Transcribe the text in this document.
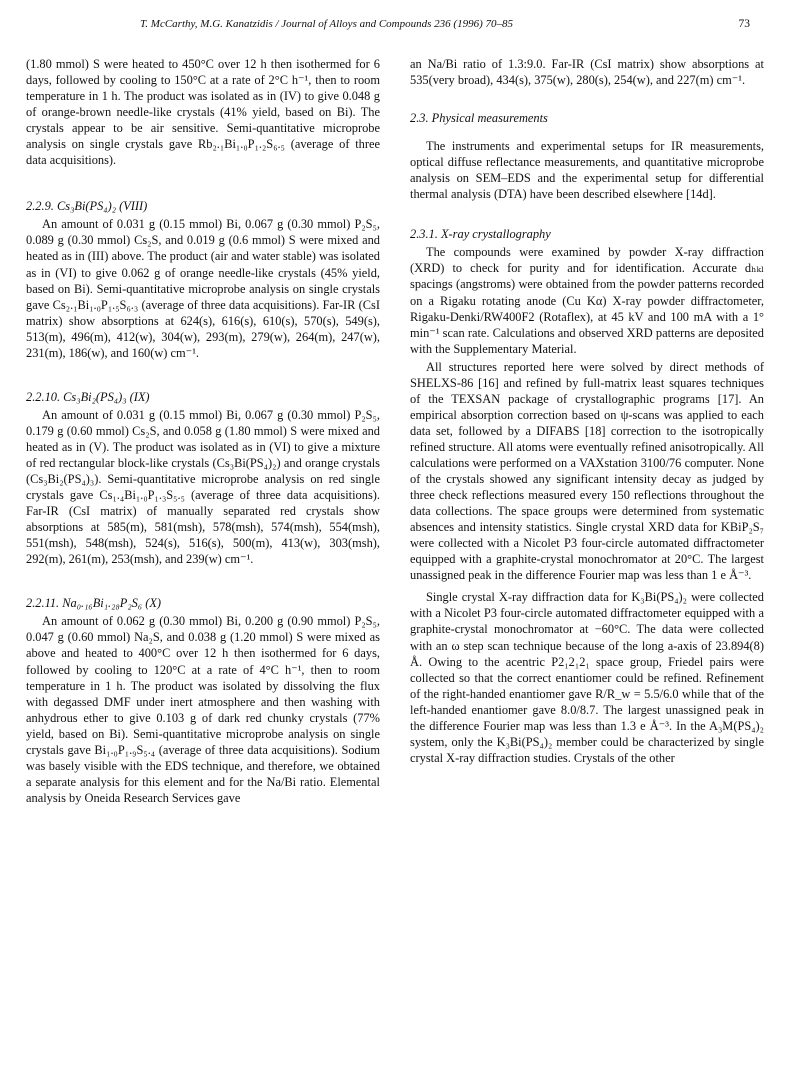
T. McCarthy, M.G. Kanatzidis / Journal of Alloys and Compounds 236 (1996) 70–85	73

(1.80 mmol) S were heated to 450°C over 12 h then isothermed for 6 days, followed by cooling to 150°C at a rate of 2°C h⁻¹, then to room temperature in 1 h. The product was isolated as in (IV) to give 0.048 g of orange-brown needle-like crystals (41% yield, based on Bi). The crystals appear to be air sensitive. Semi-quantitative microprobe analysis on single crystals gave Rb₂.₁Bi₁.₀P₁.₂S₆.₅ (average of three data acquisitions).

2.2.9. Cs₃Bi(PS₄)₂ (VIII)

An amount of 0.031 g (0.15 mmol) Bi, 0.067 g (0.30 mmol) P₂S₅, 0.089 g (0.30 mmol) Cs₂S, and 0.019 g (0.6 mmol) S were mixed and heated as in (III) above. The product (air and water stable) was isolated as in (VI) to give 0.062 g of orange needle-like crystals (45% yield, based on Bi). Semi-quantitative microprobe analysis on single crystals gave Cs₂.₁Bi₁.₀P₁.₅S₆.₃ (average of three data acquisitions). Far-IR (CsI matrix) show absorptions at 624(s), 616(s), 610(s), 570(s), 549(s), 513(m), 496(m), 412(w), 304(w), 293(m), 279(w), 264(m), 247(w), 231(m), 186(w), and 160(w) cm⁻¹.

2.2.10. Cs₃Bi₂(PS₄)₃ (IX)

An amount of 0.031 g (0.15 mmol) Bi, 0.067 g (0.30 mmol) P₂S₅, 0.179 g (0.60 mmol) Cs₂S, and 0.058 g (1.80 mmol) S were mixed and heated as in (V). The product was isolated as in (VI) to give a mixture of red rectangular block-like crystals (Cs₃Bi(PS₄)₂) and orange crystals (Cs₃Bi₂(PS₄)₃). Semi-quantitative microprobe analysis on red single crystals gave Cs₁.₄Bi₁.₀P₁.₃S₅.₅ (average of three data acquisitions). Far-IR (CsI matrix) of manually separated red crystals show absorptions at 585(m), 581(msh), 578(msh), 574(msh), 554(msh), 551(msh), 548(msh), 524(s), 516(s), 500(m), 413(w), 303(msh), 292(m), 261(m), 253(msh), and 239(w) cm⁻¹.

2.2.11. Na₀.₁₆Bi₁.₂₈P₂S₆ (X)

An amount of 0.062 g (0.30 mmol) Bi, 0.200 g (0.90 mmol) P₂S₅, 0.047 g (0.60 mmol) Na₂S, and 0.038 g (1.20 mmol) S were mixed as above and heated to 400°C over 12 h then isothermed for 6 days, followed by cooling to 120°C at a rate of 4°C h⁻¹, then to room temperature in 1 h. The product was isolated by dissolving the flux with degassed DMF under inert atmosphere and then washing with anhydrous ether to give 0.103 g of dark red chunky crystals (77% yield, based on Bi). Semi-quantitative microprobe analysis on single crystals gave Bi₁.₀P₁.₉S₅.₄ (average of three data acquisitions). Sodium was basely visible with the EDS technique, and therefore, we obtained a separate analysis for this element and for the Na/Bi ratio. Elemental analysis by Oneida Research Services gave

an Na/Bi ratio of 1.3:9.0. Far-IR (CsI matrix) show absorptions at 535(very broad), 434(s), 375(w), 280(s), 254(w), and 227(m) cm⁻¹.

2.3. Physical measurements

The instruments and experimental setups for IR measurements, optical diffuse reflectance measurements, and quantitative microprobe analysis on SEM–EDS and the experimental setup for differential thermal analysis (DTA) have been described elsewhere [14d].

2.3.1. X-ray crystallography

The compounds were examined by powder X-ray diffraction (XRD) to check for purity and for identification. Accurate dₕₖₗ spacings (angstroms) were obtained from the powder patterns recorded on a Rigaku rotating anode (Cu Kα) X-ray powder diffractometer, Rigaku-Denki/RW400F2 (Rotaflex), at 45 kV and 100 mA with a 1° min⁻¹ scan rate. Calculations and observed XRD patterns are deposited with the Supplementary Material.

All structures reported here were solved by direct methods of SHELXS-86 [16] and refined by full-matrix least squares techniques of the TEXSAN package of crystallographic programs [17]. An empirical absorption correction based on ψ-scans was applied to each data set, followed by a DIFABS [18] correction to the isotropically refined structure. All atoms were eventually refined anisotropically. All calculations were performed on a VAXstation 3100/76 computer. None of the crystals showed any significant intensity decay as judged by three check reflections measured every 150 reflections throughout the data collections. The space groups were determined from systematic absences and intensity statistics. Single crystal XRD data for KBiP₂S₇ were collected with a Nicolet P3 four-circle automated diffractometer equipped with a graphite-crystal monochromator at 20°C. The largest unassigned peak in the difference Fourier map was less than 1 e Å⁻³.

Single crystal X-ray diffraction data for K₃Bi(PS₄)₂ were collected with a Nicolet P3 four-circle automated diffractometer equipped with a graphite-crystal monochromator at −60°C. The data were collected with an ω step scan technique because of the long a-axis of 23.894(8) Å. Owing to the acentric P2₁2₁2₁ space group, Friedel pairs were collected so that the correct enantiomer could be refined. Refinement of the right-handed enantiomer gave R/R_w = 5.5/6.0 while that of the left-handed enantiomer gave 8.0/8.7. The largest unassigned peak in the difference Fourier map was less than 1.3 e Å⁻³. In the A₃M(PS₄)₂ system, only the K₃Bi(PS₄)₂ member could be characterized by single crystal X-ray diffraction studies. Crystals of the other
